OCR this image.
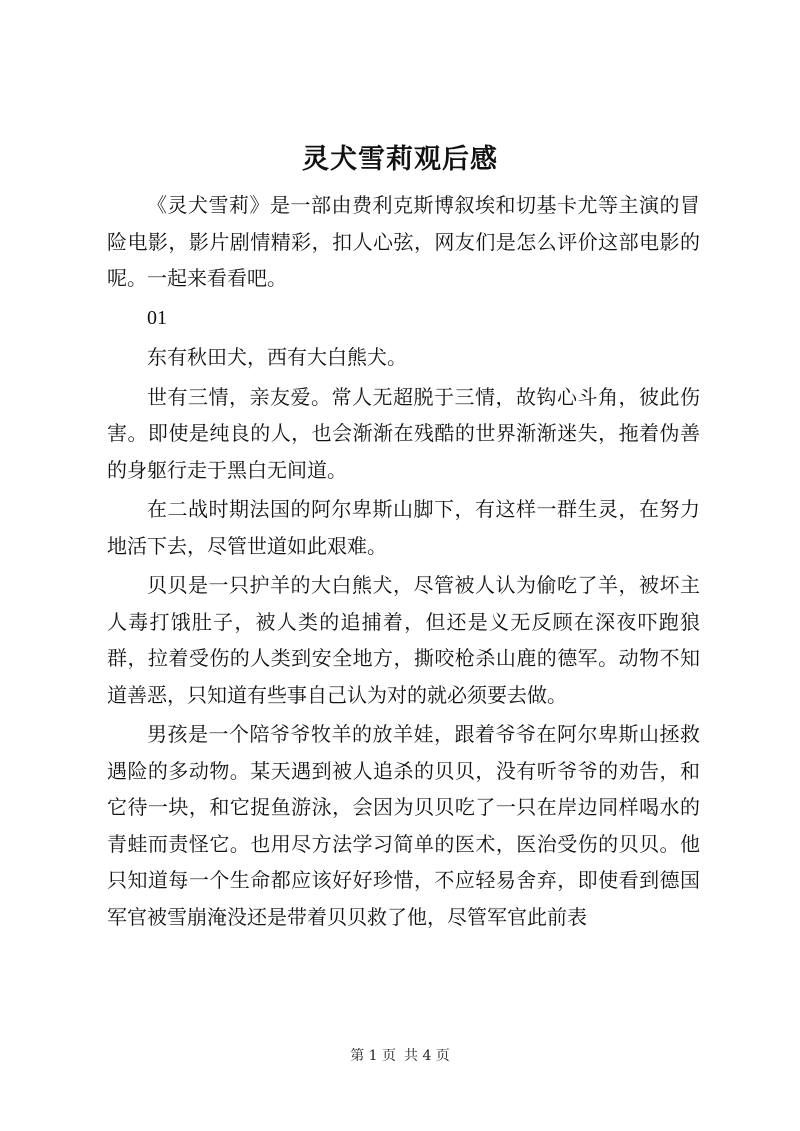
灵犬雪莉观后感

《灵犬雪莉》是一部由费利克斯博叙埃和切基卡尤等主演的冒险电影，影片剧情精彩，扣人心弦，网友们是怎么评价这部电影的呢。一起来看看吧。

01

东有秋田犬，西有大白熊犬。

世有三情，亲友爱。常人无超脱于三情，故钩心斗角，彼此伤害。即使是纯良的人，也会渐渐在残酷的世界渐渐迷失，拖着伪善的身躯行走于黑白无间道。

在二战时期法国的阿尔卑斯山脚下，有这样一群生灵，在努力地活下去，尽管世道如此艰难。

贝贝是一只护羊的大白熊犬，尽管被人认为偷吃了羊，被坏主人毒打饿肚子，被人类的追捕着，但还是义无反顾在深夜吓跑狼群，拉着受伤的人类到安全地方，撕咬枪杀山鹿的德军。动物不知道善恶，只知道有些事自己认为对的就必须要去做。

男孩是一个陪爷爷牧羊的放羊娃，跟着爷爷在阿尔卑斯山拯救遇险的多动物。某天遇到被人追杀的贝贝，没有听爷爷的劝告，和它待一块，和它捉鱼游泳，会因为贝贝吃了一只在岸边同样喝水的青蛙而责怪它。也用尽方法学习简单的医术，医治受伤的贝贝。他只知道每一个生命都应该好好珍惜，不应轻易舍弃，即使看到德国军官被雪崩淹没还是带着贝贝救了他，尽管军官此前表

第 1 页 共 4 页
